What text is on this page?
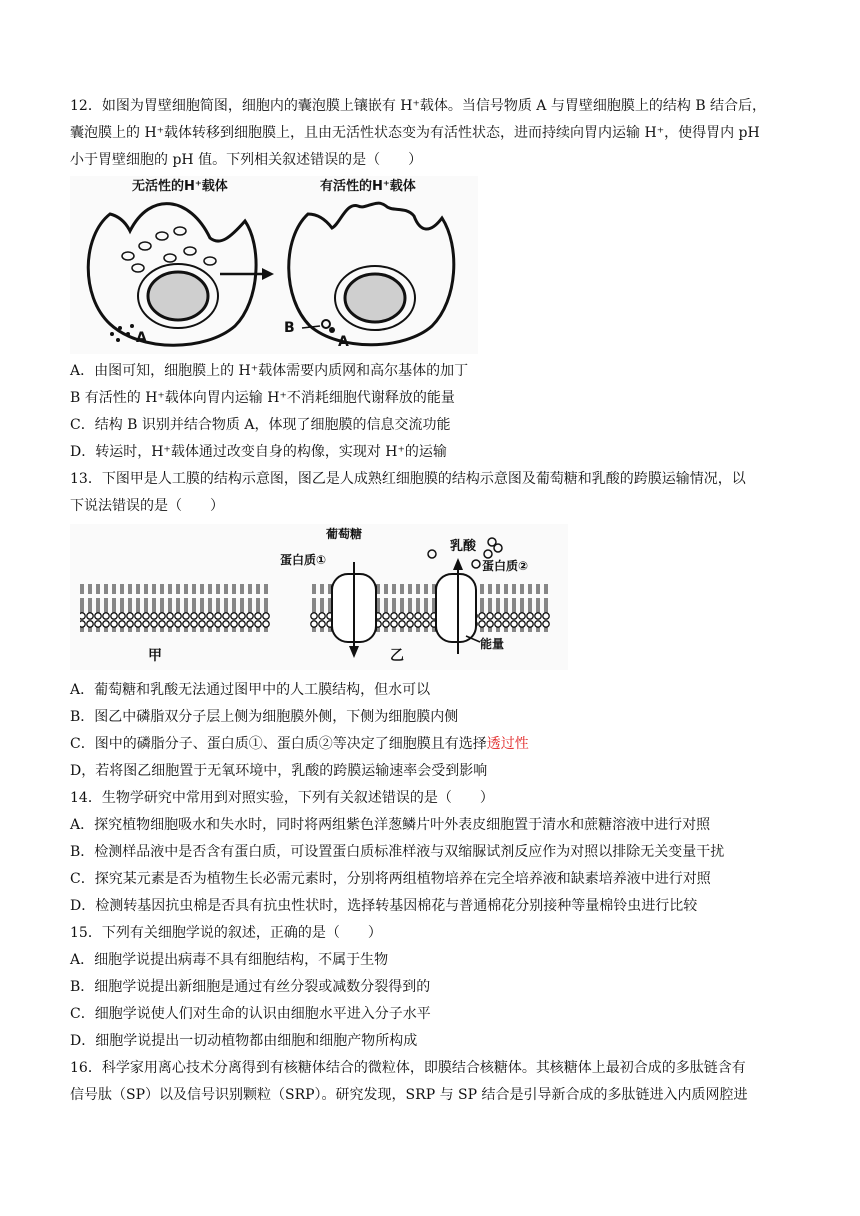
12．如图为胃壁细胞简图，细胞内的囊泡膜上镶嵌有 H⁺载体。当信号物质 A 与胃壁细胞膜上的结构 B 结合后，
囊泡膜上的 H⁺载体转移到细胞膜上，且由无活性状态变为有活性状态，进而持续向胃内运输 H⁺，使得胃内 pH
小于胃壁细胞的 pH 值。下列相关叙述错误的是（　　）
A
无活性的H⁺载体	有活性的H⁺载体
B
A
A．由图可知，细胞膜上的 H⁺载体需要内质网和高尔基体的加丁
B 有活性的 H⁺载体向胃内运输 H⁺不消耗细胞代谢释放的能量
C．结构 B 识别并结合物质 A，体现了细胞膜的信息交流功能
D．转运时，H⁺载体通过改变自身的构像，实现对 H⁺的运输
13．下图甲是人工膜的结构示意图，图乙是人成熟红细胞膜的结构示意图及葡萄糖和乳酸的跨膜运输情况，以
下说法错误的是（　　）
甲
葡萄糖
蛋白质①
乳酸
蛋白质②
能量
乙
A．葡萄糖和乳酸无法通过图甲中的人工膜结构，但水可以
B．图乙中磷脂双分子层上侧为细胞膜外侧，下侧为细胞膜内侧
C．图中的磷脂分子、蛋白质①、蛋白质②等决定了细胞膜且有选择透过性
D，若将图乙细胞置于无氧环境中，乳酸的跨膜运输速率会受到影响
14．生物学研究中常用到对照实验，下列有关叙述错误的是（　　）
A．探究植物细胞吸水和失水时，同时将两组紫色洋葱鳞片叶外表皮细胞置于清水和蔗糖溶液中进行对照
B．检测样品液中是否含有蛋白质，可设置蛋白质标准样液与双缩脲试剂反应作为对照以排除无关变量干扰
C．探究某元素是否为植物生长必需元素时，分别将两组植物培养在完全培养液和缺素培养液中进行对照
D．检测转基因抗虫棉是否具有抗虫性状时，选择转基因棉花与普通棉花分别接种等量棉铃虫进行比较
15．下列有关细胞学说的叙述，正确的是（　　）
A．细胞学说提出病毒不具有细胞结构，不属于生物
B．细胞学说提出新细胞是通过有丝分裂或减数分裂得到的
C．细胞学说使人们对生命的认识由细胞水平进入分子水平
D．细胞学说提出一切动植物都由细胞和细胞产物所构成
16．科学家用离心技术分离得到有核糖体结合的微粒体，即膜结合核糖体。其核糖体上最初合成的多肽链含有
信号肽（SP）以及信号识别颗粒（SRP）。研究发现，SRP 与 SP 结合是引导新合成的多肽链进入内质网腔进
